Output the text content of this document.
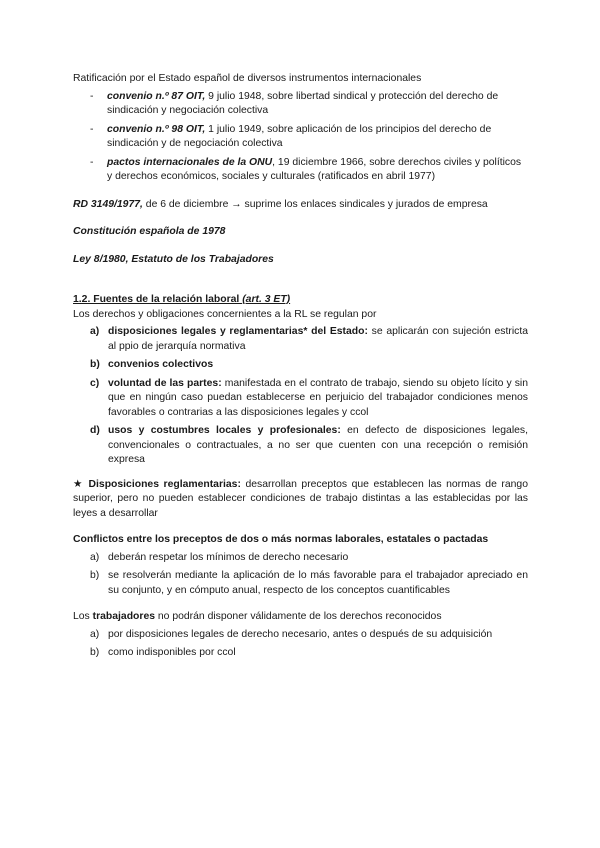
Ratificación por el Estado español de diversos instrumentos internacionales

- convenio n.º 87 OIT, 9 julio 1948, sobre libertad sindical y protección del derecho de sindicación y negociación colectiva
- convenio n.º 98 OIT, 1 julio 1949, sobre aplicación de los principios del derecho de sindicación y de negociación colectiva
- pactos internacionales de la ONU, 19 diciembre 1966, sobre derechos civiles y políticos y derechos económicos, sociales y culturales (ratificados en abril 1977)

RD 3149/1977, de 6 de diciembre → suprime los enlaces sindicales y jurados de empresa

Constitución española de 1978

Ley 8/1980, Estatuto de los Trabajadores

1.2. Fuentes de la relación laboral (art. 3 ET)

Los derechos y obligaciones concernientes a la RL se regulan por

a) disposiciones legales y reglamentarias* del Estado: se aplicarán con sujeción estricta al ppio de jerarquía normativa
b) convenios colectivos
c) voluntad de las partes: manifestada en el contrato de trabajo, siendo su objeto lícito y sin que en ningún caso puedan establecerse en perjuicio del trabajador condiciones menos favorables o contrarias a las disposiciones legales y ccol
d) usos y costumbres locales y profesionales: en defecto de disposiciones legales, convencionales o contractuales, a no ser que cuenten con una recepción o remisión expresa

★ Disposiciones reglamentarias: desarrollan preceptos que establecen las normas de rango superior, pero no pueden establecer condiciones de trabajo distintas a las establecidas por las leyes a desarrollar

Conflictos entre los preceptos de dos o más normas laborales, estatales o pactadas

a) deberán respetar los mínimos de derecho necesario
b) se resolverán mediante la aplicación de lo más favorable para el trabajador apreciado en su conjunto, y en cómputo anual, respecto de los conceptos cuantificables

Los trabajadores no podrán disponer válidamente de los derechos reconocidos

a) por disposiciones legales de derecho necesario, antes o después de su adquisición
b) como indisponibles por ccol
